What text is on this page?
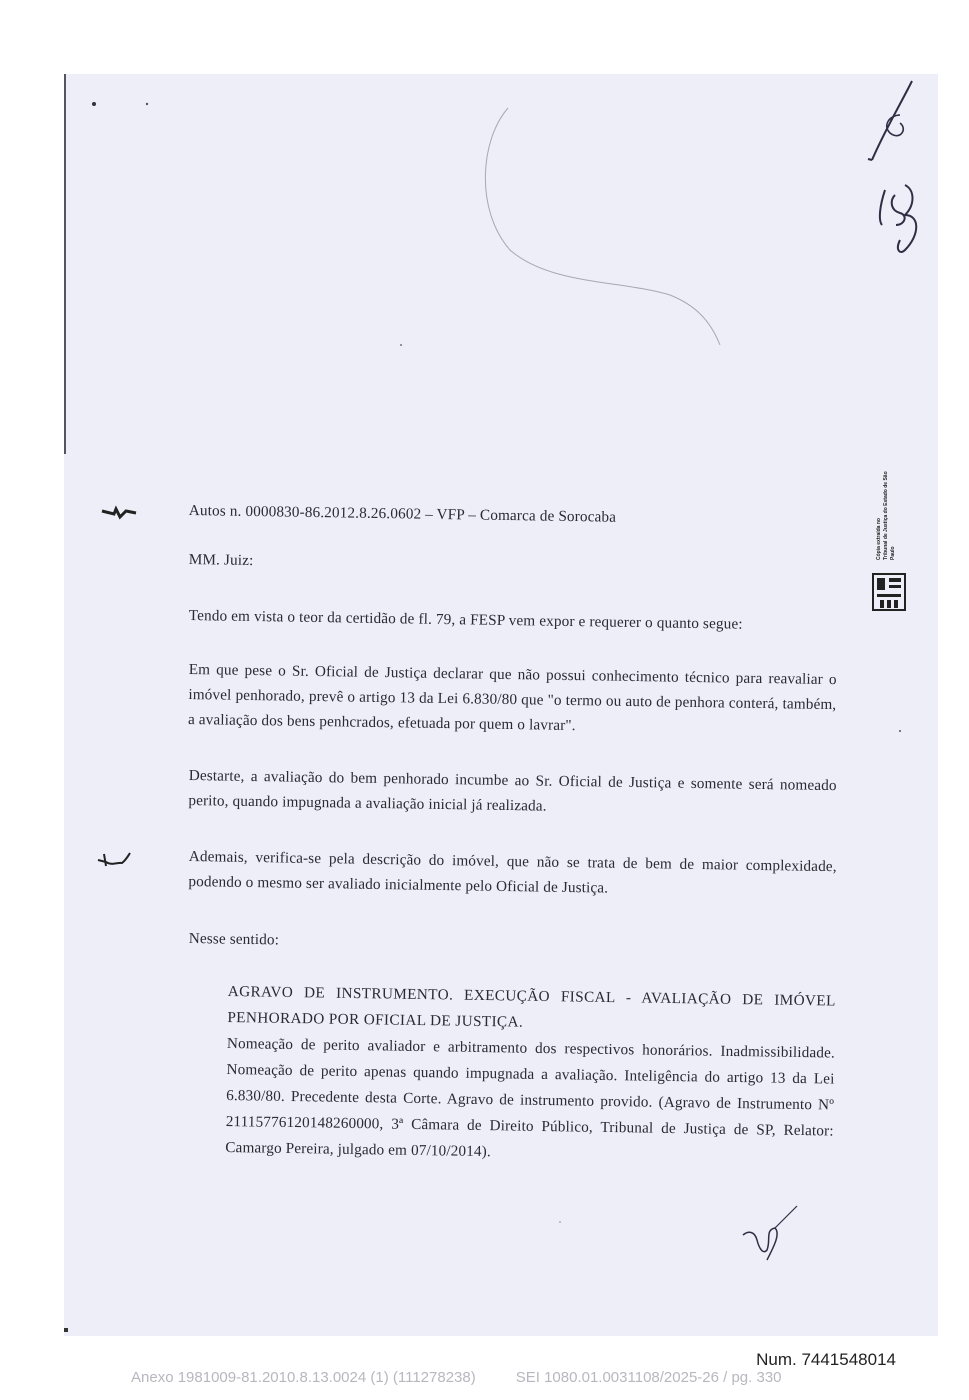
Cópia extraída no
Tribunal de Justiça do Estado de São Paulo
Autos n. 0000830-86.2012.8.26.0602 – VFP – Comarca de Sorocaba
MM. Juiz:
Tendo em vista o teor da certidão de fl. 79, a FESP vem expor e requerer o quanto segue:
Em que pese o Sr. Oficial de Justiça declarar que não possui conhecimento técnico para reavaliar o imóvel penhorado, prevê o artigo 13 da Lei 6.830/80 que "o termo ou auto de penhora conterá, também, a avaliação dos bens penhcrados, efetuada por quem o lavrar".
Destarte, a avaliação do bem penhorado incumbe ao Sr. Oficial de Justiça e somente será nomeado perito, quando impugnada a avaliação inicial já realizada.
Ademais, verifica-se pela descrição do imóvel, que não se trata de bem de maior complexidade, podendo o mesmo ser avaliado inicialmente pelo Oficial de Justiça.
Nesse sentido:

AGRAVO DE INSTRUMENTO. EXECUÇÃO FISCAL - AVALIAÇÃO DE IMÓVEL PENHORADO POR OFICIAL DE JUSTIÇA.

Nomeação de perito avaliador e arbitramento dos respectivos honorários. Inadmissibilidade. Nomeação de perito apenas quando impugnada a avaliação. Inteligência do artigo 13 da Lei 6.830/80. Precedente desta Corte. Agravo de instrumento provido. (Agravo de Instrumento Nº 21115776120148260000, 3ª Câmara de Direito Público, Tribunal de Justiça de SP, Relator: Camargo Pereira, julgado em 07/10/2014).

Num. 7441548014
Anexo 1981009-81.2010.8.13.0024 (1) (111278238)	SEI 1080.01.0031108/2025-26 / pg. 330
